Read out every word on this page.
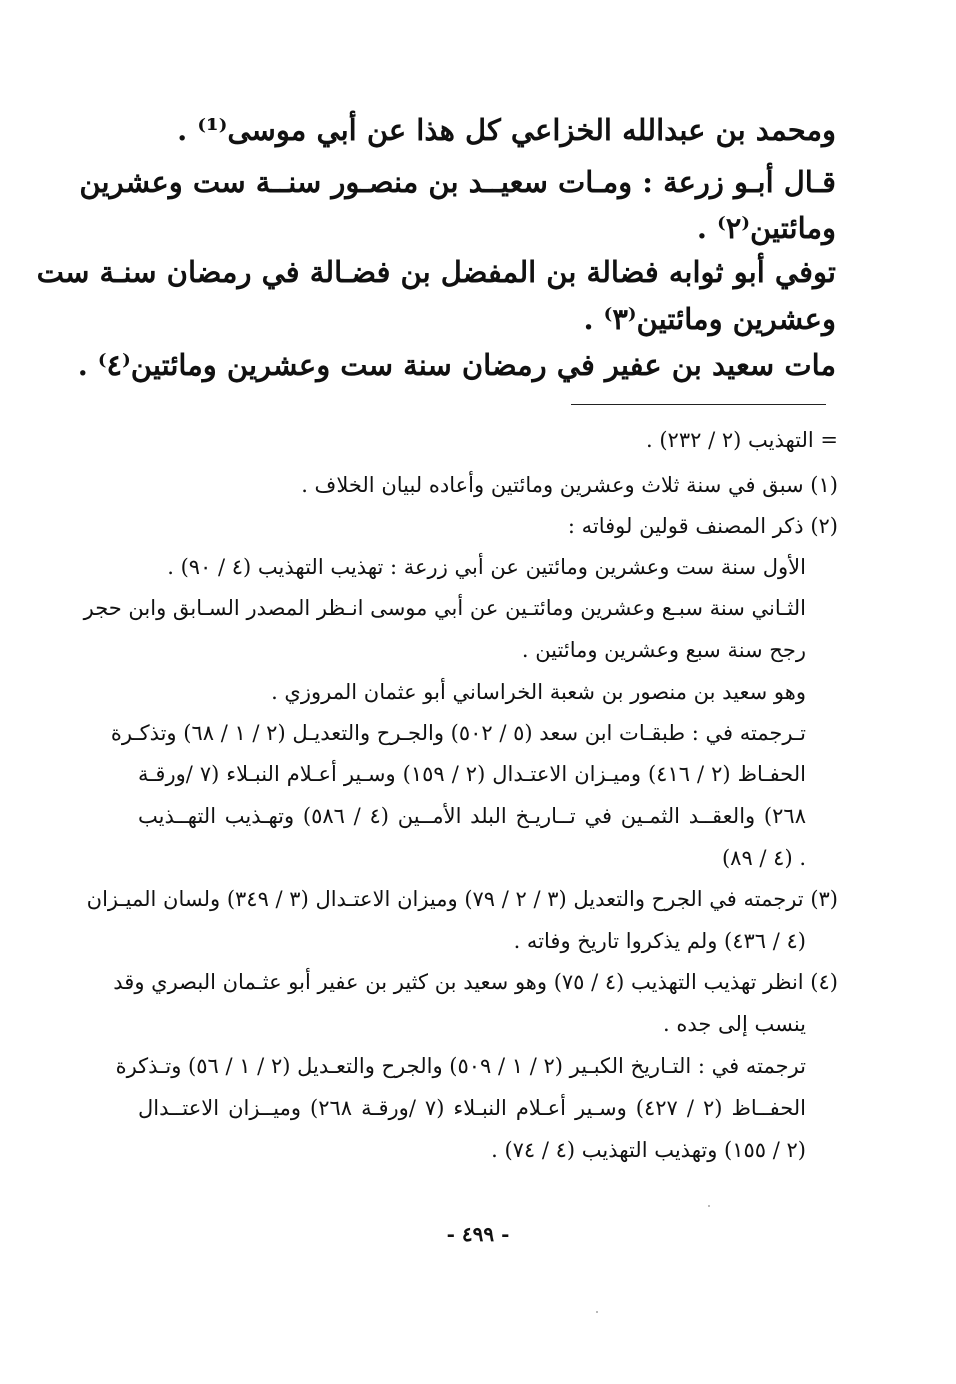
ومحمد بن عبدالله الخزاعي كل هذا عن أبي موسى⁽¹⁾ .
قـال أبـو زرعة : ومـات سعيــد بن منصـور سنــة ست وعشرين
ومائتين⁽٢⁾ .
توفي أبو ثوابه فضالة بن المفضل بن فضـالة في رمضان سنـة ست
وعشرين ومائتين⁽٣⁾ .
مات سعيد بن عفير في رمضان سنة ست وعشرين ومائتين⁽٤⁾ .
= التهذيب (٢ / ٢٣٢) .
(١) سبق في سنة ثلاث وعشرين ومائتين وأعاده لبيان الخلاف .
(٢) ذكر المصنف قولين لوفاته :
الأول سنة ست وعشرين ومائتين عن أبي زرعة : تهذيب التهذيب (٤ / ٩٠) .
الثـاني سنة سبـع وعشرين ومائتـين عن أبي موسى انـظر المصدر السـابق وابن حجر
رجح سنة سبع وعشرين ومائتين .
وهو سعيد بن منصور بن شعبة الخراساني أبو عثمان المروزي .
تـرجمته في : طبقـات ابن سعد (٥ / ٥٠٢) والجـرح والتعديـل (٢ / ١ / ٦٨) وتذكـرة
الحفـاظ (٢ / ٤١٦) وميـزان الاعتـدال (٢ / ١٥٩) وسـير أعـلام النبـلاء (٧ /ورقـة
٢٦٨) والعقــد الثمـين في تــاريـخ البلد الأمــين (٤ / ٥٨٦) وتهـذيب التهــذيب
(٤ / ٨٩) .
(٣) ترجمته في الجرح والتعديل (٣ / ٢ / ٧٩) وميزان الاعتـدال (٣ / ٣٤٩) ولسان الميـزان
(٤ / ٤٣٦) ولم يذكروا تاريخ وفاته .
(٤) انظر تهذيب التهذيب (٤ / ٧٥) وهو سعيد بن كثير بن عفير أبو عثـمان البصري وقد
ينسب إلى جده .
ترجمته في : التـاريخ الكبـير (٢ / ١ / ٥٠٩) والجرح والتعـديل (٢ / ١ / ٥٦) وتـذكرة
الحفــاظ (٢ / ٤٢٧) وسـير أعـلام النبـلاء (٧ /ورقـة ٢٦٨) وميــزان الاعتــدال
(٢ / ١٥٥) وتهذيب التهذيب (٤ / ٧٤) .
- ٤٩٩ -
